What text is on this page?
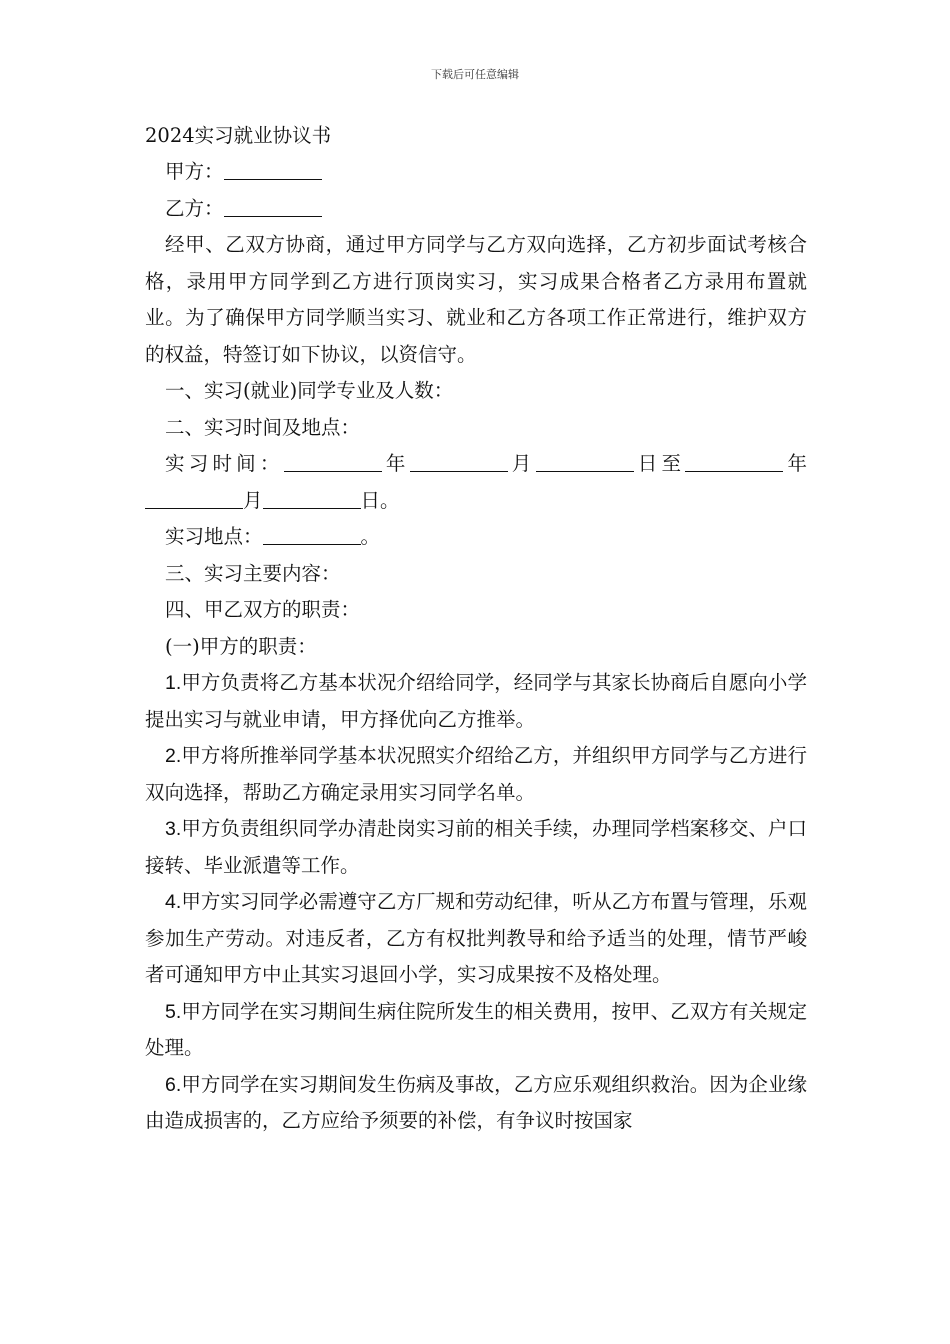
下载后可任意编辑

2024实习就业协议书

甲方：

乙方：

经甲、乙双方协商，通过甲方同学与乙方双向选择，乙方初步面试考核合格，录用甲方同学到乙方进行顶岗实习，实习成果合格者乙方录用布置就业。为了确保甲方同学顺当实习、就业和乙方各项工作正常进行，维护双方的权益，特签订如下协议，以资信守。

一、实习(就业)同学专业及人数：

二、实习时间及地点：

实习时间：	年	月	日至	年月	日。

实习地点：	。

三、实习主要内容：

四、甲乙双方的职责：

(一)甲方的职责：

1.甲方负责将乙方基本状况介绍给同学，经同学与其家长协商后自愿向小学提出实习与就业申请，甲方择优向乙方推举。

2.甲方将所推举同学基本状况照实介绍给乙方，并组织甲方同学与乙方进行双向选择，帮助乙方确定录用实习同学名单。

3.甲方负责组织同学办清赴岗实习前的相关手续，办理同学档案移交、户口接转、毕业派遣等工作。

4.甲方实习同学必需遵守乙方厂规和劳动纪律，听从乙方布置与管理，乐观参加生产劳动。对违反者，乙方有权批判教导和给予适当的处理，情节严峻者可通知甲方中止其实习退回小学，实习成果按不及格处理。

5.甲方同学在实习期间生病住院所发生的相关费用，按甲、乙双方有关规定处理。

6.甲方同学在实习期间发生伤病及事故，乙方应乐观组织救治。因为企业缘由造成损害的，乙方应给予须要的补偿，有争议时按国家
